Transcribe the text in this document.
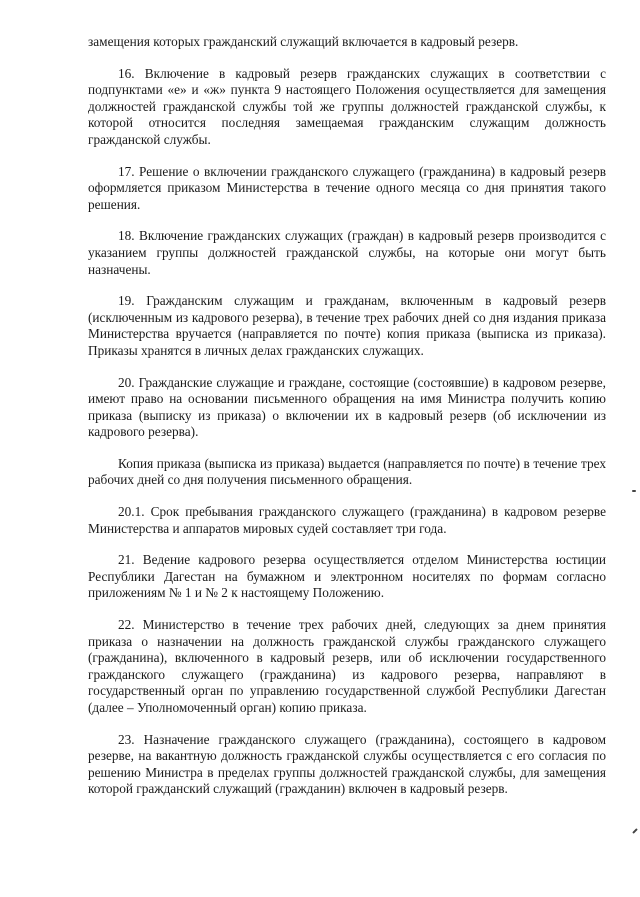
замещения которых гражданский служащий включается в кадровый резерв.

16. Включение в кадровый резерв гражданских служащих в соответствии с подпунктами «е» и «ж» пункта 9 настоящего Положения осуществляется для замещения должностей гражданской службы той же группы должностей гражданской службы, к которой относится последняя замещаемая гражданским служащим должность гражданской службы.

17. Решение о включении гражданского служащего (гражданина) в кадровый резерв оформляется приказом Министерства в течение одного месяца со дня принятия такого решения.

18. Включение гражданских служащих (граждан) в кадровый резерв производится с указанием группы должностей гражданской службы, на которые они могут быть назначены.

19. Гражданским служащим и гражданам, включенным в кадровый резерв (исключенным из кадрового резерва), в течение трех рабочих дней со дня издания приказа Министерства вручается (направляется по почте) копия приказа (выписка из приказа). Приказы хранятся в личных делах гражданских служащих.

20. Гражданские служащие и граждане, состоящие (состоявшие) в кадровом резерве, имеют право на основании письменного обращения на имя Министра получить копию приказа (выписку из приказа) о включении их в кадровый резерв (об исключении из кадрового резерва).

Копия приказа (выписка из приказа) выдается (направляется по почте) в течение трех рабочих дней со дня получения письменного обращения.

20.1. Срок пребывания гражданского служащего (гражданина) в кадровом резерве Министерства и аппаратов мировых судей составляет три года.

21. Ведение кадрового резерва осуществляется отделом Министерства юстиции Республики Дагестан на бумажном и электронном носителях по формам согласно приложениям № 1 и № 2 к настоящему Положению.

22. Министерство в течение трех рабочих дней, следующих за днем принятия приказа о назначении на должность гражданской службы гражданского служащего (гражданина), включенного в кадровый резерв, или об исключении государственного гражданского служащего (гражданина) из кадрового резерва, направляют в государственный орган по управлению государственной службой Республики Дагестан (далее – Уполномоченный орган) копию приказа.

23. Назначение гражданского служащего (гражданина), состоящего в кадровом резерве, на вакантную должность гражданской службы осуществляется с его согласия по решению Министра в пределах группы должностей гражданской службы, для замещения которой гражданский служащий (гражданин) включен в кадровый резерв.
